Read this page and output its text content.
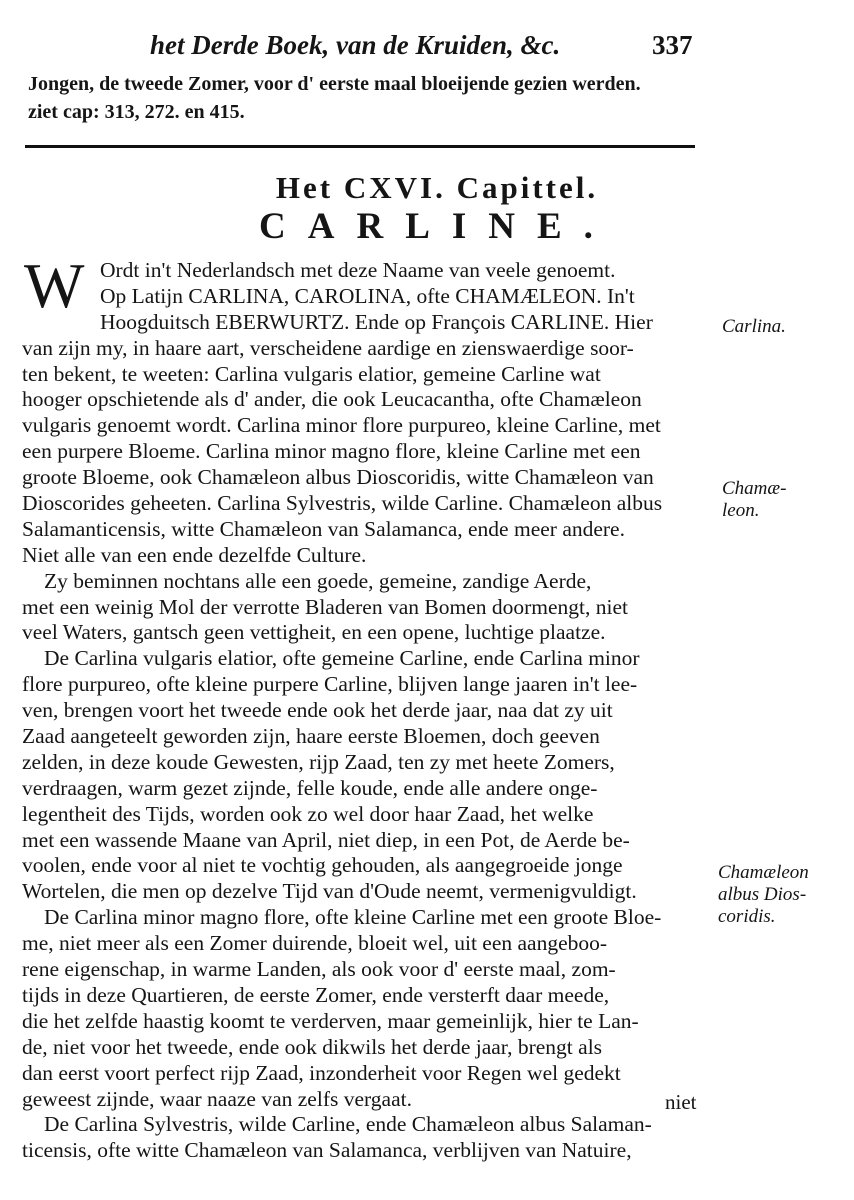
het Derde Boek, van de Kruiden, &c.	337
Jongen, de tweede Zomer, voor d' eerste maal bloeijende gezien werden.
ziet cap: 313, 272. en 415.
Het CXVI. Capittel.
CARLINE.
W Ordt in't Nederlandsch met deze Naame van veele genoemt.
Op Latijn CARLINA, CAROLINA, ofte CHAMÆLEON. In't
Hoogduitsch EBERWURTZ. Ende op François CARLINE. Hier
van zijn my, in haare aart, verscheidene aardige en zienswaerdige soor-
ten bekent, te weeten: Carlina vulgaris elatior, gemeine Carline wat
hooger opschietende als d' ander, die ook Leucacantha, ofte Chamæleon
vulgaris genoemt wordt. Carlina minor flore purpureo, kleine Carline, met
een purpere Bloeme. Carlina minor magno flore, kleine Carline met een
groote Bloeme, ook Chamæleon albus Dioscoridis, witte Chamæleon van
Dioscorides geheeten. Carlina Sylvestris, wilde Carline. Chamæleon albus
Salamanticensis, witte Chamæleon van Salamanca, ende meer andere.
Niet alle van een ende dezelfde Culture.
Zy beminnen nochtans alle een goede, gemeine, zandige Aerde,
met een weinig Mol der verrotte Bladeren van Bomen doormengt, niet
veel Waters, gantsch geen vettigheit, en een opene, luchtige plaatze.
De Carlina vulgaris elatior, ofte gemeine Carline, ende Carlina minor
flore purpureo, ofte kleine purpere Carline, blijven lange jaaren in't lee-
ven, brengen voort het tweede ende ook het derde jaar, naa dat zy uit
Zaad aangeteelt geworden zijn, haare eerste Bloemen, doch geeven
zelden, in deze koude Gewesten, rijp Zaad, ten zy met heete Zomers,
verdraagen, warm gezet zijnde, felle koude, ende alle andere onge-
legentheit des Tijds, worden ook zo wel door haar Zaad, het welke
met een wassende Maane van April, niet diep, in een Pot, de Aerde be-
voolen, ende voor al niet te vochtig gehouden, als aangegroeide jonge
Wortelen, die men op dezelve Tijd van d'Oude neemt, vermenigvuldigt.
De Carlina minor magno flore, ofte kleine Carline met een groote Bloe-
me, niet meer als een Zomer duirende, bloeit wel, uit een aangeboo-
rene eigenschap, in warme Landen, als ook voor d' eerste maal, zom-
tijds in deze Quartieren, de eerste Zomer, ende versterft daar meede,
die het zelfde haastig koomt te verderven, maar gemeinlijk, hier te Lan-
de, niet voor het tweede, ende ook dikwils het derde jaar, brengt als
dan eerst voort perfect rijp Zaad, inzonderheit voor Regen wel gedekt
geweest zijnde, waar naaze van zelfs vergaat.
De Carlina Sylvestris, wilde Carline, ende Chamæleon albus Salaman-
ticensis, ofte witte Chamæleon van Salamanca, verblijven van Natuire,
Carlina.
Chamæ-
leon.
Chamæleon
albus Dios-
coridis.
niet
